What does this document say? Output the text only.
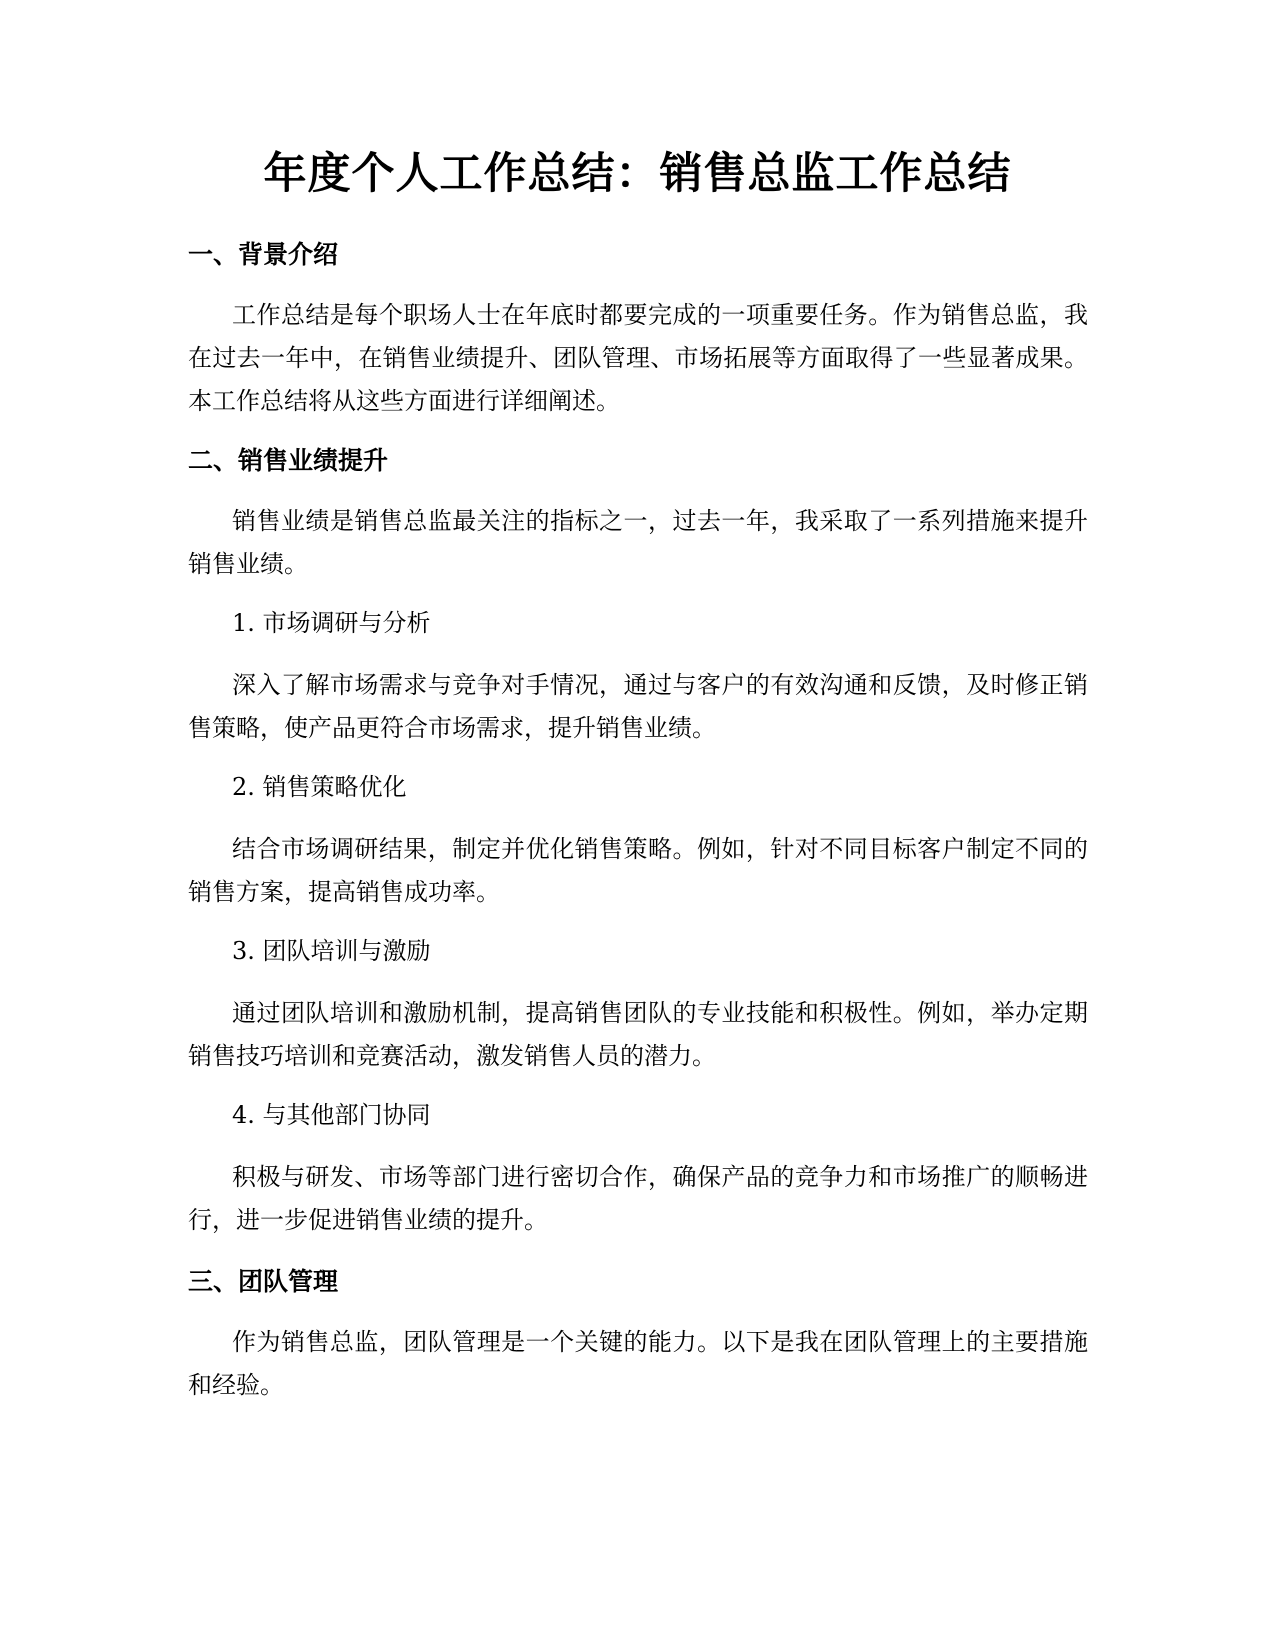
年度个人工作总结：销售总监工作总结
一、背景介绍

工作总结是每个职场人士在年底时都要完成的一项重要任务。作为销售总监，我在过去一年中，在销售业绩提升、团队管理、市场拓展等方面取得了一些显著成果。本工作总结将从这些方面进行详细阐述。

二、销售业绩提升

销售业绩是销售总监最关注的指标之一，过去一年，我采取了一系列措施来提升销售业绩。

1. 市场调研与分析

深入了解市场需求与竞争对手情况，通过与客户的有效沟通和反馈，及时修正销售策略，使产品更符合市场需求，提升销售业绩。

2. 销售策略优化

结合市场调研结果，制定并优化销售策略。例如，针对不同目标客户制定不同的销售方案，提高销售成功率。

3. 团队培训与激励

通过团队培训和激励机制，提高销售团队的专业技能和积极性。例如，举办定期销售技巧培训和竞赛活动，激发销售人员的潜力。

4. 与其他部门协同

积极与研发、市场等部门进行密切合作，确保产品的竞争力和市场推广的顺畅进行，进一步促进销售业绩的提升。

三、团队管理

作为销售总监，团队管理是一个关键的能力。以下是我在团队管理上的主要措施和经验。
